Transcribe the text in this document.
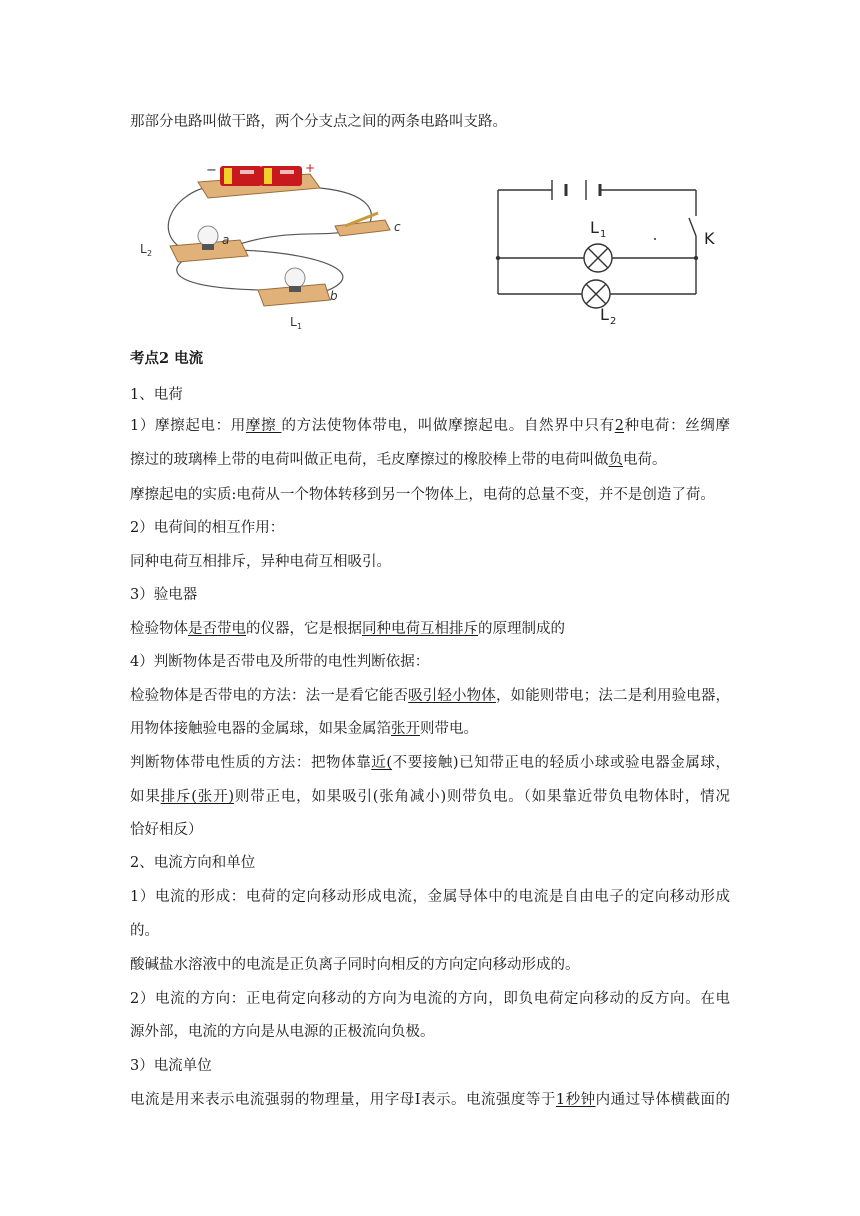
那部分电路叫做干路，两个分支点之间的两条电路叫支路。
−	+
L 2
a
b
c
L 1
L 1	K
L 2
考点2 电流
1、电荷
1）摩擦起电：用摩擦 的方法使物体带电，叫做摩擦起电。自然界中只有2种电荷：丝绸摩
擦过的玻璃棒上带的电荷叫做正电荷，毛皮摩擦过的橡胶棒上带的电荷叫做负电荷。
摩擦起电的实质:电荷从一个物体转移到另一个物体上，电荷的总量不变，并不是创造了荷。
2）电荷间的相互作用：
同种电荷互相排斥，异种电荷互相吸引。
3）验电器
检验物体是否带电的仪器，它是根据同种电荷互相排斥的原理制成的
4）判断物体是否带电及所带的电性判断依据：
检验物体是否带电的方法：法一是看它能否吸引轻小物体，如能则带电；法二是利用验电器，
用物体接触验电器的金属球，如果金属箔张开则带电。
判断物体带电性质的方法：把物体靠近(不要接触)已知带正电的轻质小球或验电器金属球，
如果排斥(张开)则带正电，如果吸引(张角减小)则带负电。（如果靠近带负电物体时，情况
恰好相反）
2、电流方向和单位
1）电流的形成：电荷的定向移动形成电流，金属导体中的电流是自由电子的定向移动形成
的。
酸碱盐水溶液中的电流是正负离子同时向相反的方向定向移动形成的。
2）电流的方向：正电荷定向移动的方向为电流的方向，即负电荷定向移动的反方向。在电
源外部，电流的方向是从电源的正极流向负极。
3）电流单位
电流是用来表示电流强弱的物理量，用字母I表示。电流强度等于1秒钟内通过导体横截面的
